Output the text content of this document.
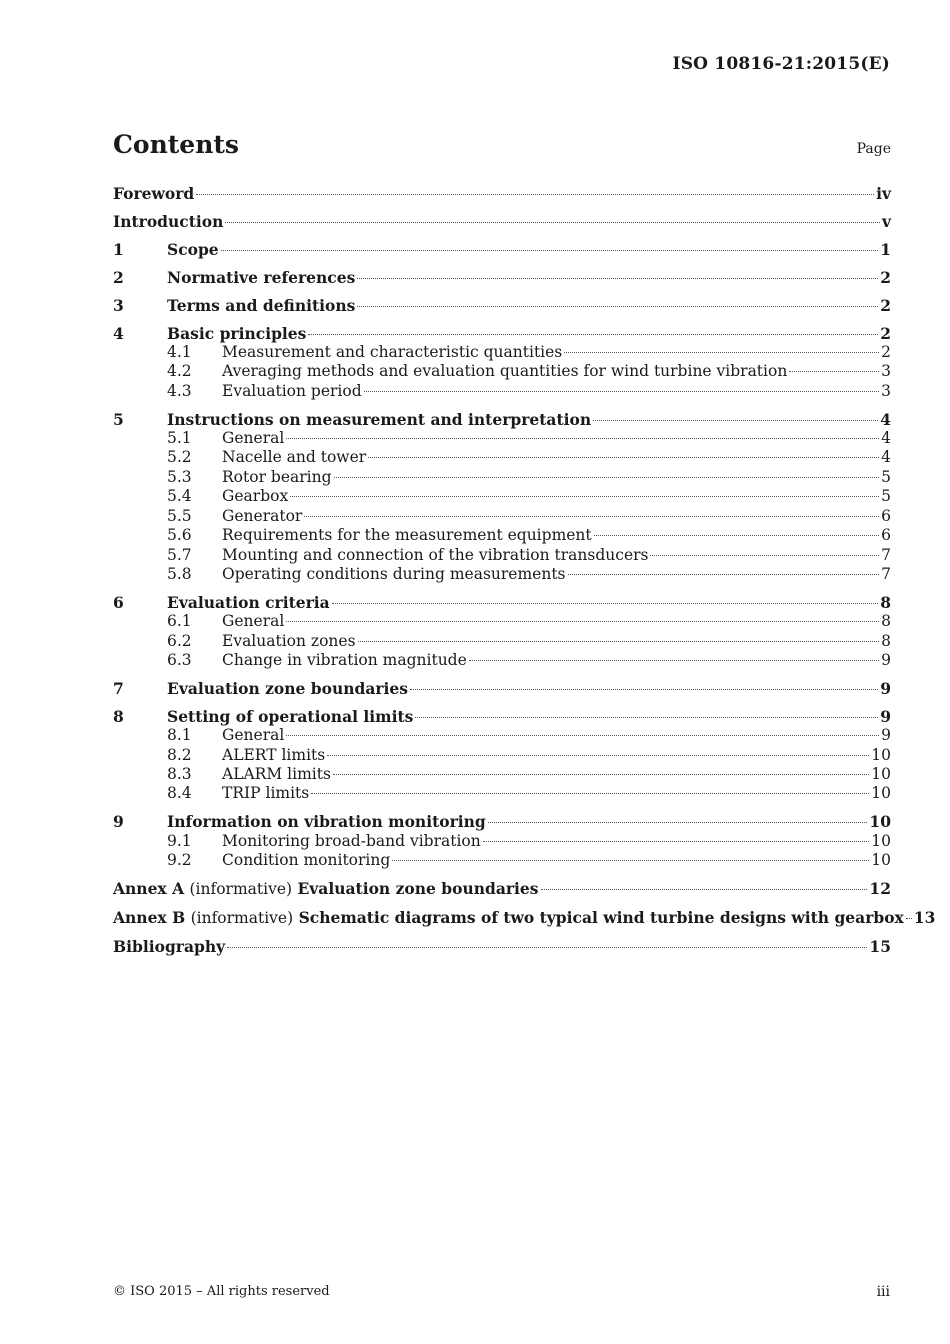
ISO 10816-21:2015(E)
Contents	Page
Foreword	iv
Introduction	v
1	Scope	1
2	Normative references	2
3	Terms and definitions	2
4	Basic principles	2
4.1	Measurement and characteristic quantities	2
4.2	Averaging methods and evaluation quantities for wind turbine vibration	3
4.3	Evaluation period	3
5	Instructions on measurement and interpretation	4
5.1	General	4
5.2	Nacelle and tower	4
5.3	Rotor bearing	5
5.4	Gearbox	5
5.5	Generator	6
5.6	Requirements for the measurement equipment	6
5.7	Mounting and connection of the vibration transducers	7
5.8	Operating conditions during measurements	7
6	Evaluation criteria	8
6.1	General	8
6.2	Evaluation zones	8
6.3	Change in vibration magnitude	9
7	Evaluation zone boundaries	9
8	Setting of operational limits	9
8.1	General	9
8.2	ALERT limits	10
8.3	ALARM limits	10
8.4	TRIP limits	10
9	Information on vibration monitoring	10
9.1	Monitoring broad-band vibration	10
9.2	Condition monitoring	10
Annex A (informative) Evaluation zone boundaries	12
Annex B (informative) Schematic diagrams of two typical wind turbine designs with gearbox 13
Bibliography	15
© ISO 2015 – All rights reserved	iii
